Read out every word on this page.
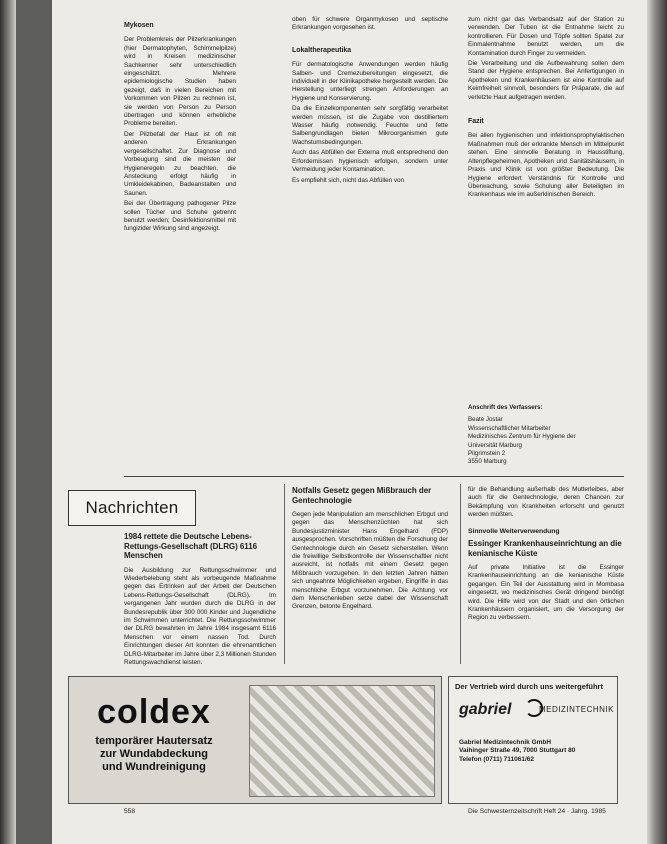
Mykosen

Der Problemkreis der Pilzerkrankungen (hier Dermatophyten, Schimmelpilze) wird in Kreisen medizinischer Sachkenner sehr unterschiedlich eingeschätzt. Mehrere epidemiologische Studien haben gezeigt, daß in vielen Bereichen mit Vorkommen von Pilzen zu rechnen ist, sie werden von Person zu Person übertragen und können erhebliche Probleme bereiten.

Der Pilzbefall der Haut ist oft mit anderen Erkrankungen vergesellschaftet. Zur Diagnose und Vorbeugung sind die meisten der Hygieneregeln zu beachten, die Ansteckung erfolgt häufig in Umkleidekabinen, Badeanstalten und Saunen.

Bei der Übertragung pathogener Pilze sollen Tücher und Schuhe getrennt benutzt werden; Desinfektionsmittel mit fungizider Wirkung sind angezeigt.

oben für schwere Organmykosen und septische Erkrankungen vorgesehen ist.

Lokaltherapeutika

Für dermatologische Anwendungen werden häufig Salben- und Cremezubereitungen eingesetzt, die individuell in der Klinikapotheke hergestellt werden. Die Herstellung unterliegt strengen Anforderungen an Hygiene und Konservierung.

Da die Einzelkomponenten sehr sorgfältig verarbeitet werden müssen, ist die Zugabe von destilliertem Wasser häufig notwendig. Feuchte und fette Salbengrundlagen bieten Mikroorganismen gute Wachstumsbedingungen.

Auch das Abfüllen der Externa muß entsprechend den Erfordernissen hygienisch erfolgen, sondern unter Vermeidung jeder Kontamination.

Es empfiehlt sich, nicht das Abfüllen von

zum nicht gar das Verbandsatz auf der Station zu verwenden. Der Tuben ist die Entnahme leicht zu kontrollieren. Für Dosen und Töpfe sollten Spatel zur Einmalentnahme benutzt werden, um die Kontamination durch Finger zu vermeiden.

Die Verarbeitung und die Aufbewahrung sollen dem Stand der Hygiene entsprechen. Bei Anfertigungen in Apotheken und Krankenhäusern ist eine Kontrolle auf Keimfreiheit sinnvoll, besonders für Präparate, die auf verletzte Haut aufgetragen werden.

Fazit

Bei allen hygienischen und infektionsprophylaktischen Maßnahmen muß der erkrankte Mensch im Mittelpunkt stehen. Eine sinnvolle Beratung in Hausstiftung, Altenpflegeheimen, Apotheken und Sanitätshäusern, in Praxis und Klinik ist von größter Bedeutung. Die Hygiene erfordert Verständnis für Kontrolle und Überwachung, sowie Schulung aller Beteiligten im Krankenhaus wie im außerklinischen Bereich.

Anschrift des Verfassers:
Beate Jostar
Wissenschaftlicher Mitarbeiter
Medizinisches Zentrum für Hygiene der
Universität Marburg
Pilgrimstein 2
3550 Marburg
Nachrichten
1984 rettete die Deutsche Lebens-Rettungs-Gesellschaft (DLRG) 6116 Menschen

Die Ausbildung zur Rettungsschwimmer und Wiederbelebung steht als vorbeugende Maßnahme gegen das Ertrinken auf der Arbeit der Deutschen Lebens-Rettungs-Gesellschaft (DLRG). Im vergangenen Jahr wurden durch die DLRG in der Bundesrepublik über 300 000 Kinder und Jugendliche im Schwimmen unterrichtet. Die Rettungsschwimmer der DLRG bewahrten im Jahre 1984 insgesamt 6116 Menschen vor einem nassen Tod. Durch Einrichtungen dieser Art konnten die ehrenamtlichen DLRG-Mitarbeiter im Jahre über 2,3 Millionen Stunden Rettungswachdienst leisten.

Notfalls Gesetz gegen Mißbrauch der Gentechnologie

Gegen jede Manipulation am menschlichen Erbgut und gegen das Menschenzüchten hat sich Bundesjustizminister Hans Engelhard (FDP) ausgesprochen. Vorschriften müßten die Forschung der Gentechnologie durch ein Gesetz sicherstellen. Wenn die freiwillige Selbstkontrolle der Wissenschaftler nicht ausreicht, ist notfalls mit einem Gesetz gegen Mißbrauch vorzugehen. In den letzten Jahren hätten sich ungeahnte Möglichkeiten ergeben, Eingriffe in das menschliche Erbgut vorzunehmen. Die Achtung vor dem Menschenleben setze dabei der Wissenschaft Grenzen, betonte Engelhard.

für die Behandlung außerhalb des Mutterleibes, aber auch für die Gentechnologie, deren Chancen zur Bekämpfung von Krankheiten erforscht und genutzt werden müßten.

Sinnvolle Weiterverwendung
Essinger Krankenhauseinrichtung an die kenianische Küste

Auf private Initiative ist die Essinger Krankenhauseinrichtung an die kenianische Küste gegangen. Ein Teil der Ausstattung wird in Mombasa eingesetzt, wo medizinisches Gerät dringend benötigt wird. Die Hilfe wird von der Stadt und den örtlichen Krankenhäusern organisiert, um die Versorgung der Region zu verbessern.

coldex
temporärer Hautersatz
zur Wundabdeckung
und Wundreinigung
Der Vertrieb wird durch uns weitergeführt
gabriel	MEDIZINTECHNIK
Gabriel Medizintechnik GmbH
Vaihinger Straße 49, 7000 Stuttgart 80
Telefon (0711) 711061/62
558	Die Schwesternzeitschrift Heft 24 · Jahrg. 1985
